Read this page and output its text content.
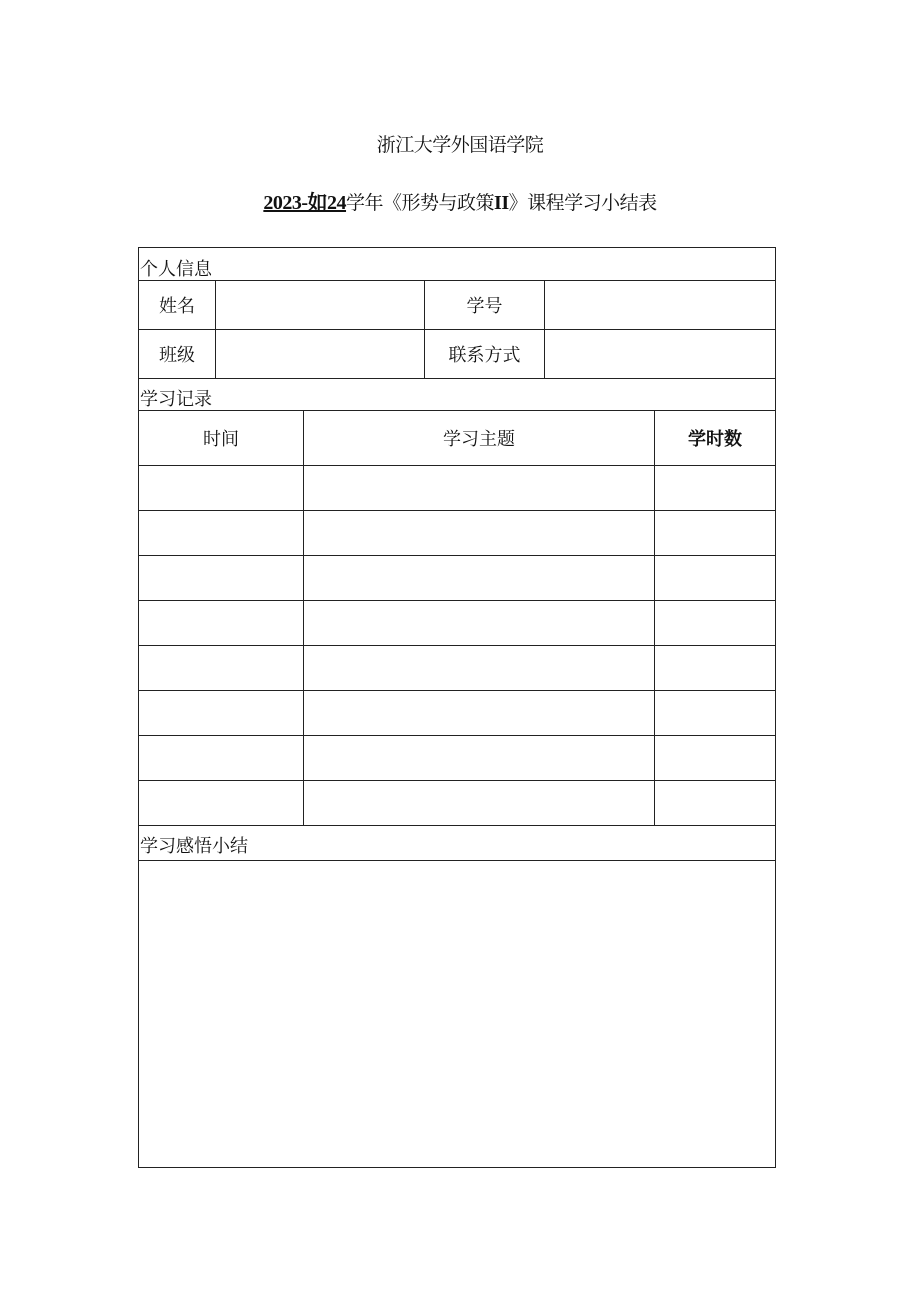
浙江大学外国语学院
2023-如24学年《形势与政策II》课程学习小结表
个人信息
姓名	学号
班级	联系方式
学习记录
时间	学习主题	学时数
学习感悟小结
